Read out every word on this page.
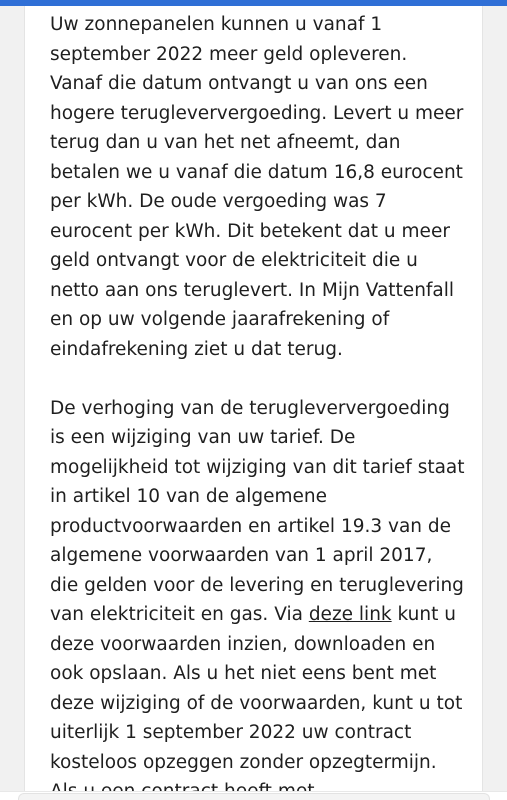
Uw zonnepanelen kunnen u vanaf 1 september 2022 meer geld opleveren. Vanaf die datum ontvangt u van ons een hogere terugleververgoeding. Levert u meer terug dan u van het net afneemt, dan betalen we u vanaf die datum 16,8 eurocent per kWh. De oude vergoeding was 7 eurocent per kWh. Dit betekent dat u meer geld ontvangt voor de elektriciteit die u netto aan ons teruglevert. In Mijn Vattenfall en op uw volgende jaarafrekening of eindafrekening ziet u dat terug.

De verhoging van de terugleververgoeding is een wijziging van uw tarief. De mogelijkheid tot wijziging van dit tarief staat in artikel 10 van de algemene productvoorwaarden en artikel 19.3 van de algemene voorwaarden van 1 april 2017, die gelden voor de levering en teruglevering van elektriciteit en gas. Via deze link kunt u deze voorwaarden inzien, downloaden en ook opslaan. Als u het niet eens bent met deze wijziging of de voorwaarden, kunt u tot uiterlijk 1 september 2022 uw contract kosteloos opzeggen zonder opzegtermijn.
